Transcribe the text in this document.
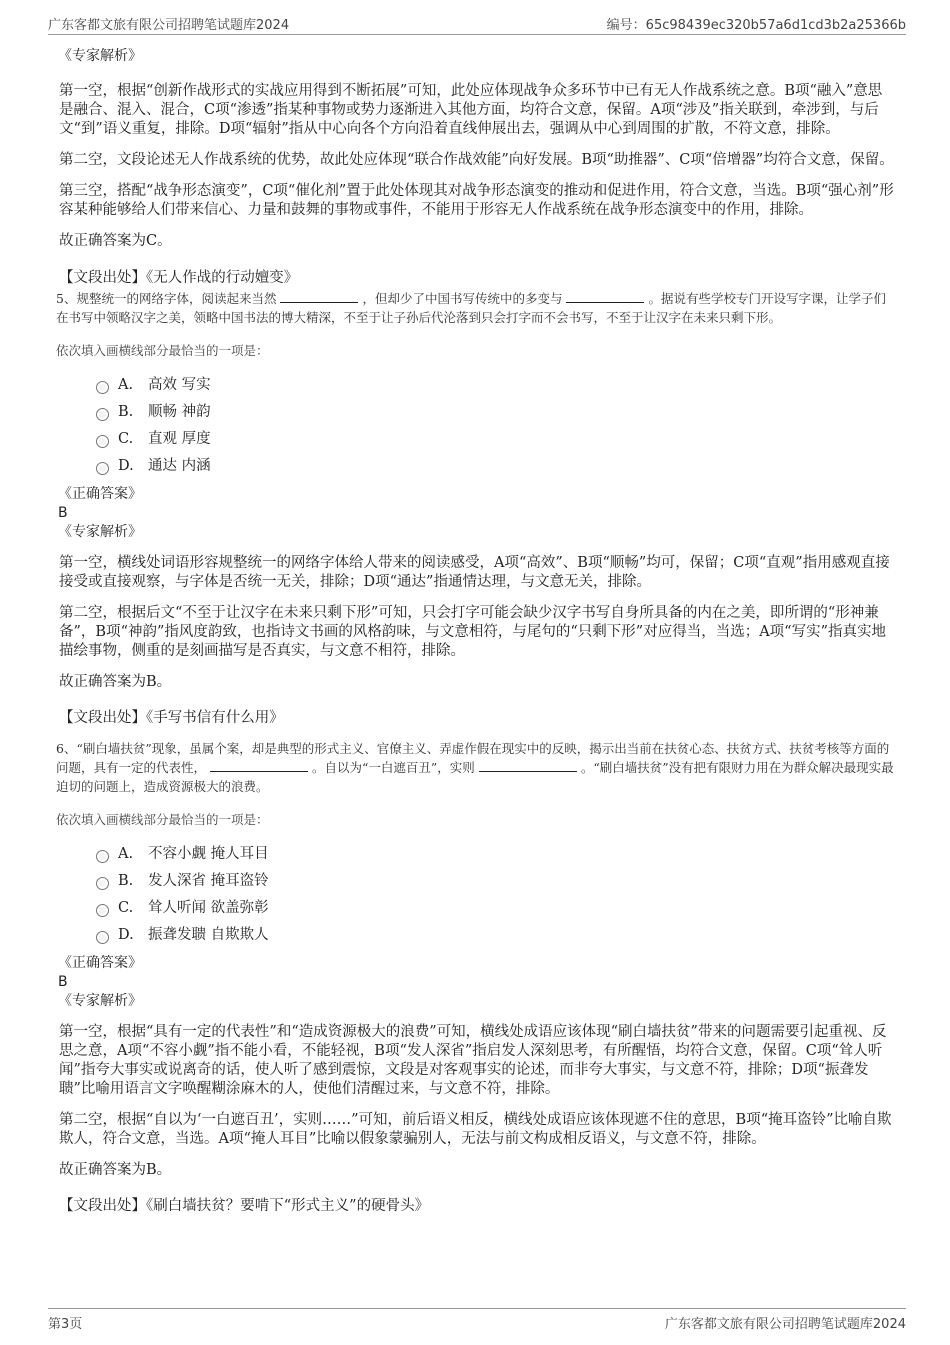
广东客都文旅有限公司招聘笔试题库2024	编号：65c98439ec320b57a6d1cd3b2a25366b
《专家解析》

第一空，根据“创新作战形式的实战应用得到不断拓展”可知，此处应体现战争众多环节中已有无人作战系统之意。B项“融入”意思是融合、混入、混合，C项“渗透”指某种事物或势力逐渐进入其他方面，均符合文意，保留。A项“涉及”指关联到，牵涉到，与后文“到”语义重复，排除。D项“辐射”指从中心向各个方向沿着直线伸展出去，强调从中心到周围的扩散，不符文意，排除。

第二空，文段论述无人作战系统的优势，故此处应体现“联合作战效能”向好发展。B项“助推器”、C项“倍增器”均符合文意，保留。

第三空，搭配“战争形态演变”，C项“催化剂”置于此处体现其对战争形态演变的推动和促进作用，符合文意，当选。B项“强心剂”形容某种能够给人们带来信心、力量和鼓舞的事物或事件，不能用于形容无人作战系统在战争形态演变中的作用，排除。

故正确答案为C。

【文段出处】《无人作战的行动嬗变》

5、规整统一的网络字体，阅读起来当然	，但却少了中国书写传统中的多变与	。据说有些学校专门开设写字课，让学子们在书写中领略汉字之美，领略中国书法的博大精深，不至于让子孙后代沦落到只会打字而不会书写，不至于让汉字在未来只剩下形。

依次填入画横线部分最恰当的一项是：

A. 高效 写实
B. 顺畅 神韵
C. 直观 厚度
D. 通达 内涵
《正确答案》
B
《专家解析》

第一空，横线处词语形容规整统一的网络字体给人带来的阅读感受，A项“高效”、B项“顺畅”均可，保留；C项“直观”指用感观直接接受或直接观察，与字体是否统一无关，排除；D项“通达”指通情达理，与文意无关，排除。

第二空，根据后文“不至于让汉字在未来只剩下形”可知，只会打字可能会缺少汉字书写自身所具备的内在之美，即所谓的“形神兼备”，B项“神韵”指风度韵致，也指诗文书画的风格韵味，与文意相符，与尾句的“只剩下形”对应得当，当选；A项“写实”指真实地描绘事物，侧重的是刻画描写是否真实，与文意不相符，排除。

故正确答案为B。

【文段出处】《手写书信有什么用》

6、“刷白墙扶贫”现象，虽属个案，却是典型的形式主义、官僚主义、弄虚作假在现实中的反映，揭示出当前在扶贫心态、扶贫方式、扶贫考核等方面的问题，具有一定的代表性，	。自以为“一白遮百丑”，实则	。“刷白墙扶贫”没有把有限财力用在为群众解决最现实最迫切的问题上，造成资源极大的浪费。

依次填入画横线部分最恰当的一项是：

A. 不容小觑 掩人耳目
B. 发人深省 掩耳盗铃
C. 耸人听闻 欲盖弥彰
D. 振聋发聩 自欺欺人
《正确答案》
B
《专家解析》

第一空，根据“具有一定的代表性”和“造成资源极大的浪费”可知，横线处成语应该体现“刷白墙扶贫”带来的问题需要引起重视、反思之意，A项“不容小觑”指不能小看，不能轻视，B项“发人深省”指启发人深刻思考，有所醒悟，均符合文意，保留。C项“耸人听闻”指夸大事实或说离奇的话，使人听了感到震惊，文段是对客观事实的论述，而非夸大事实，与文意不符，排除；D项“振聋发聩”比喻用语言文字唤醒糊涂麻木的人，使他们清醒过来，与文意不符，排除。

第二空，根据“自以为‘一白遮百丑’，实则……”可知，前后语义相反，横线处成语应该体现遮不住的意思，B项“掩耳盗铃”比喻自欺欺人，符合文意，当选。A项“掩人耳目”比喻以假象蒙骗别人，无法与前文构成相反语义，与文意不符，排除。

故正确答案为B。

【文段出处】《刷白墙扶贫？要啃下“形式主义”的硬骨头》

第3页	广东客都文旅有限公司招聘笔试题库2024
